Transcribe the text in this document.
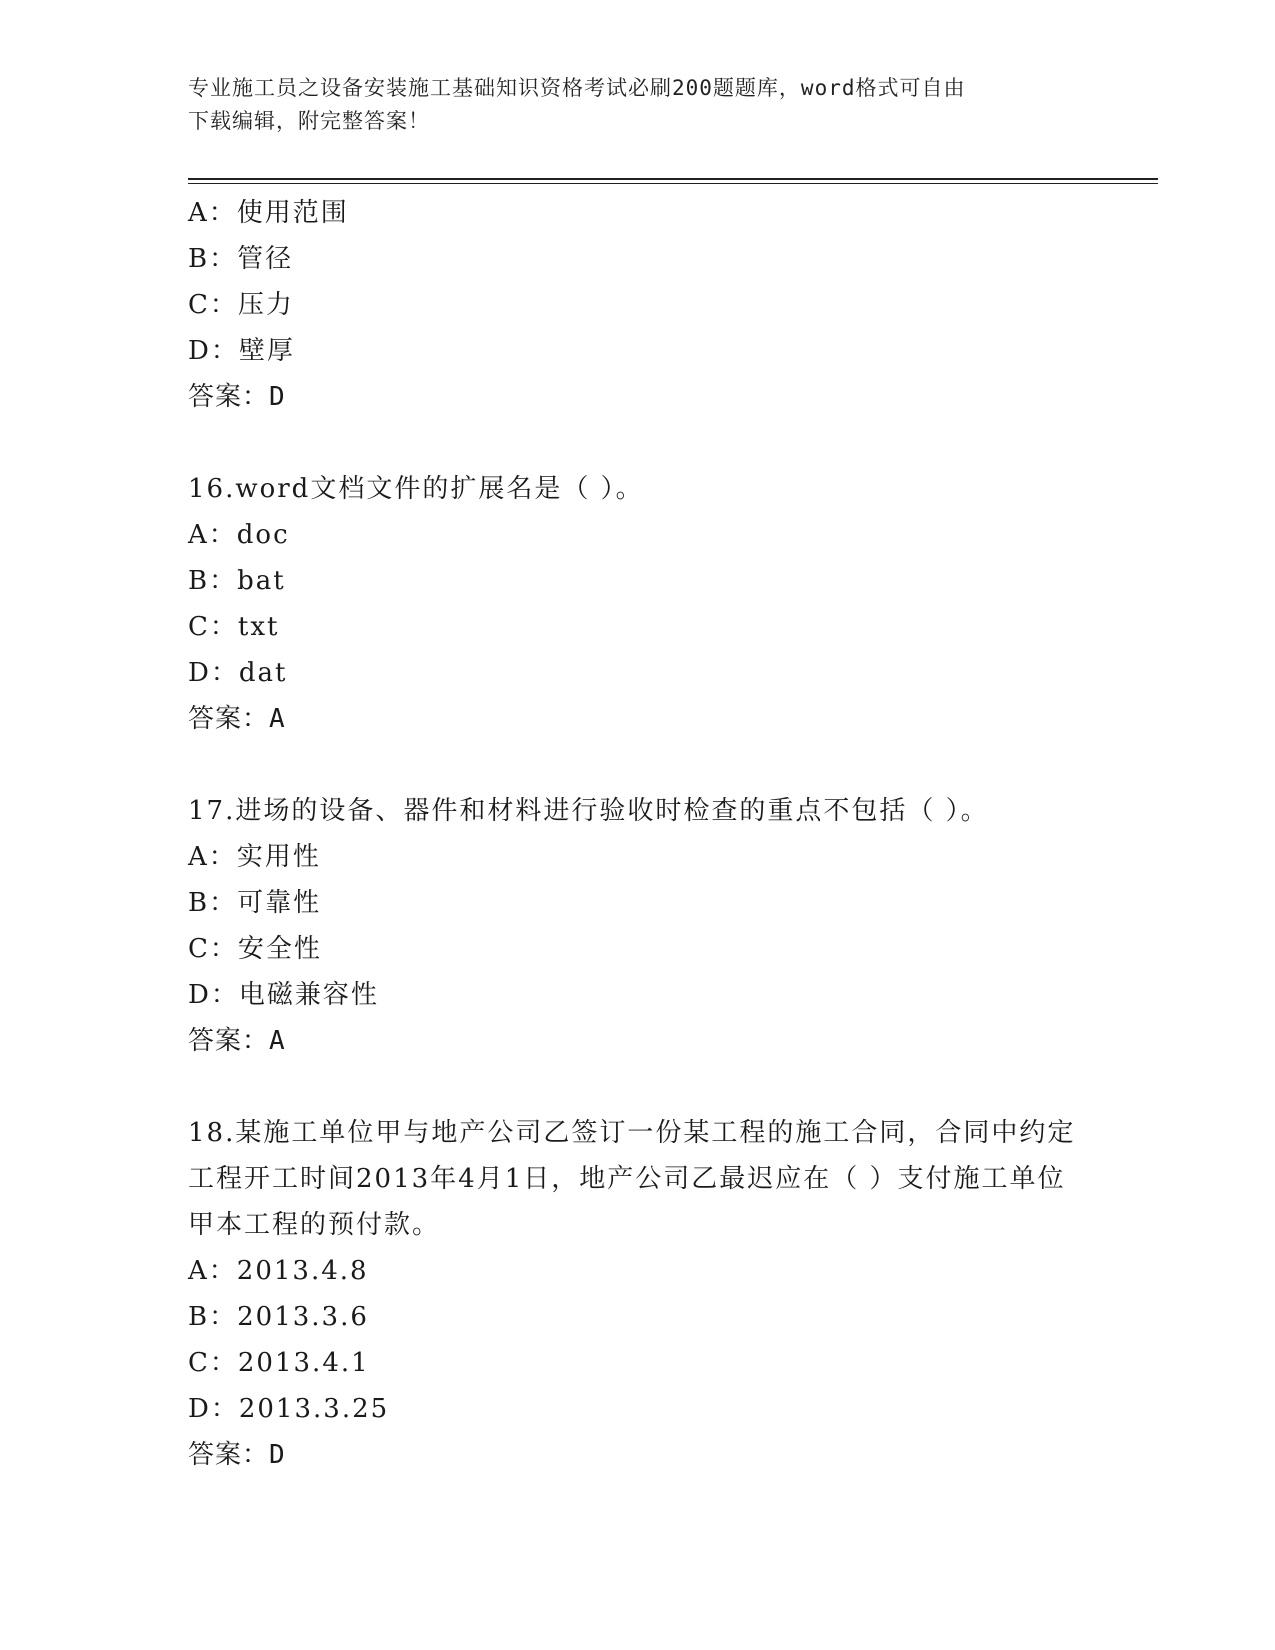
专业施工员之设备安装施工基础知识资格考试必刷200题题库，word格式可自由
下载编辑，附完整答案！
A：使用范围
B：管径
C：压力
D：壁厚
答案：D
16.word文档文件的扩展名是（ ）。
A：doc
B：bat
C：txt
D：dat
答案：A
17.进场的设备、器件和材料进行验收时检查的重点不包括（ ）。
A：实用性
B：可靠性
C：安全性
D：电磁兼容性
答案：A
18.某施工单位甲与地产公司乙签订一份某工程的施工合同，合同中约定工程开工时间2013年4月1日，地产公司乙最迟应在（ ）支付施工单位甲本工程的预付款。
A：2013.4.8
B：2013.3.6
C：2013.4.1
D：2013.3.25
答案：D
